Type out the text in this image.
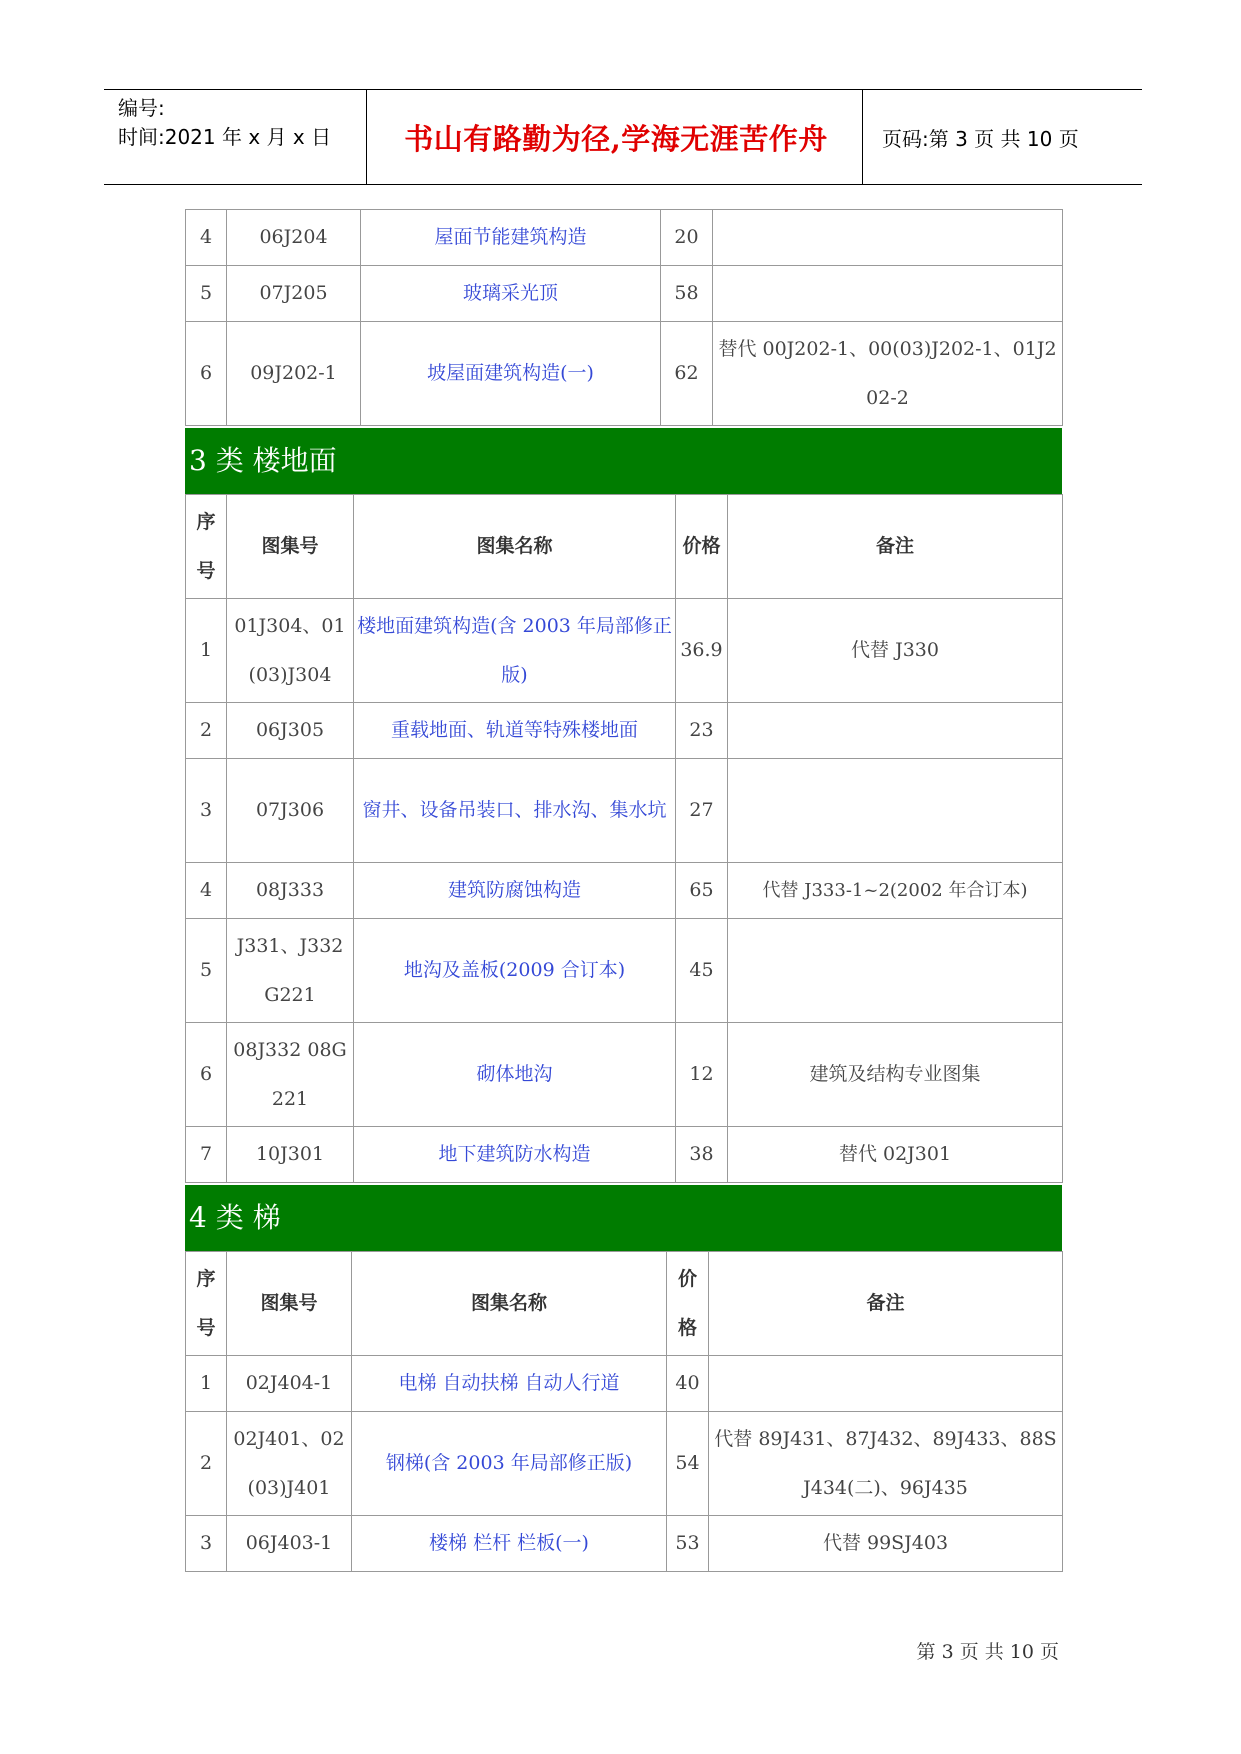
编号:
时间:2021 年 x 月 x 日	书山有路勤为径,学海无涯苦作舟	页码:第 3 页 共 10 页
4	06J204	屋面节能建筑构造	20	
5	07J205	玻璃采光顶	58	
6	09J202-1	坡屋面建筑构造(一)	62	替代 00J202-1、00(03)J202-1、01J202-2
3 类 楼地面
序号	图集号	图集名称	价格	备注
1	01J304、01(03)J304	楼地面建筑构造(含 2003 年局部修正版)	36.9	代替 J330
2	06J305	重载地面、轨道等特殊楼地面	23	
3	07J306	窗井、设备吊装口、排水沟、集水坑	27	
4	08J333	建筑防腐蚀构造	65	代替 J333-1~2(2002 年合订本)
5	J331、J332 G221	地沟及盖板(2009 合订本)	45	
6	08J332 08G221	砌体地沟	12	建筑及结构专业图集
7	10J301	地下建筑防水构造	38	替代 02J301
4 类 梯
序号	图集号	图集名称	价格	备注
1	02J404-1	电梯 自动扶梯 自动人行道	40	
2	02J401、02(03)J401	钢梯(含 2003 年局部修正版)	54	代替 89J431、87J432、89J433、88SJ434(二)、96J435
3	06J403-1	楼梯 栏杆 栏板(一)	53	代替 99SJ403
第 3 页 共 10 页
